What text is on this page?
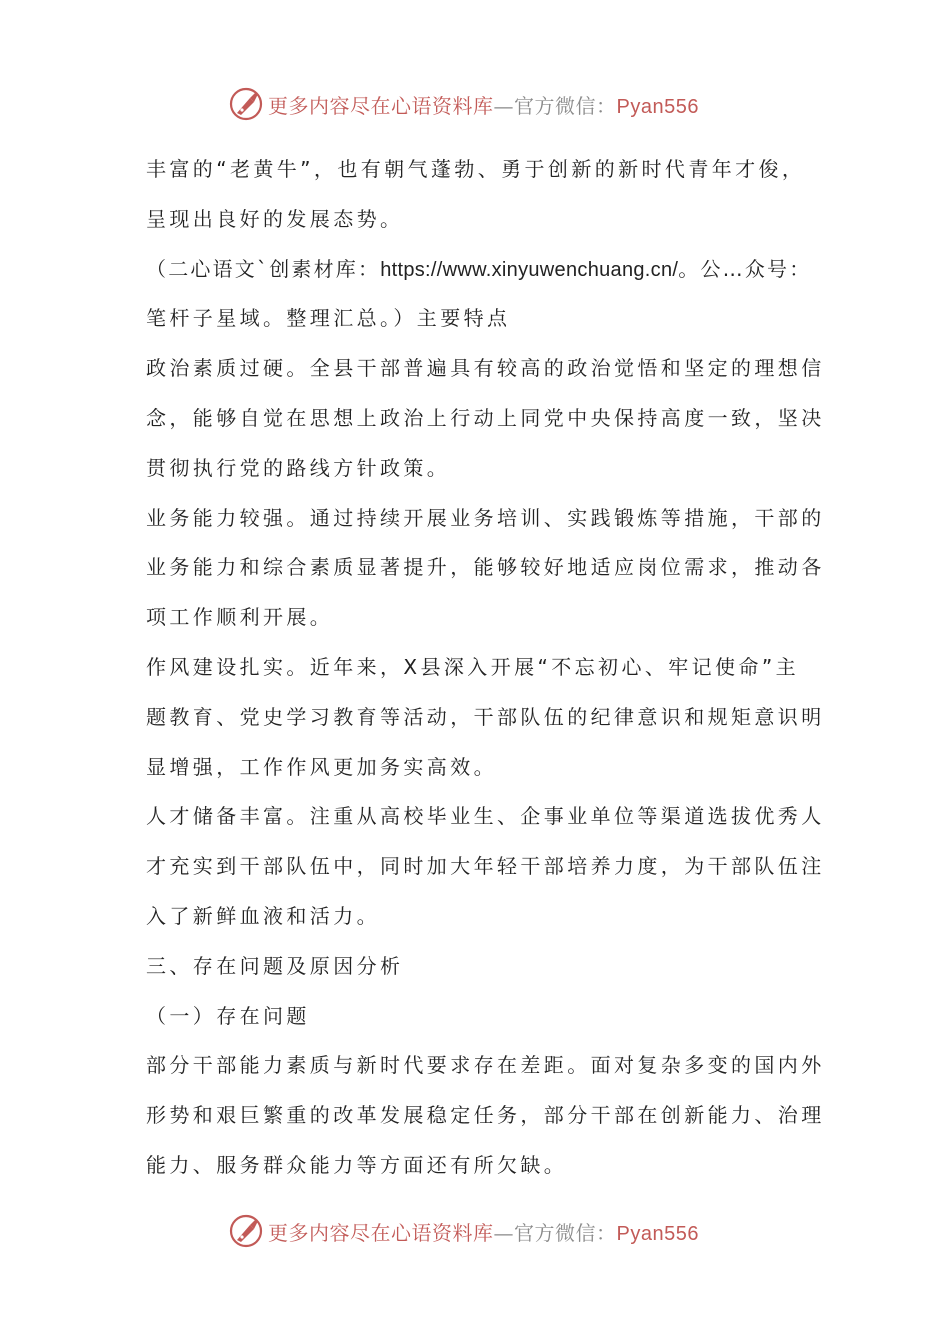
更多内容尽在心语资料库—官方微信：Pyan556
丰富的“老黄牛”，也有朝气蓬勃、勇于创新的新时代青年才俊，
呈现出良好的发展态势。
（二心语文`创素材库：https://www.xinyuwenchuang.cn/。公…众号：
笔杆子星域。整理汇总。）主要特点
政治素质过硬。全县干部普遍具有较高的政治觉悟和坚定的理想信
念，能够自觉在思想上政治上行动上同党中央保持高度一致，坚决
贯彻执行党的路线方针政策。
业务能力较强。通过持续开展业务培训、实践锻炼等措施，干部的
业务能力和综合素质显著提升，能够较好地适应岗位需求，推动各
项工作顺利开展。
作风建设扎实。近年来，X县深入开展“不忘初心、牢记使命”主
题教育、党史学习教育等活动，干部队伍的纪律意识和规矩意识明
显增强，工作作风更加务实高效。
人才储备丰富。注重从高校毕业生、企事业单位等渠道选拔优秀人
才充实到干部队伍中，同时加大年轻干部培养力度，为干部队伍注
入了新鲜血液和活力。
三、存在问题及原因分析
（一）存在问题
部分干部能力素质与新时代要求存在差距。面对复杂多变的国内外
形势和艰巨繁重的改革发展稳定任务，部分干部在创新能力、治理
能力、服务群众能力等方面还有所欠缺。
更多内容尽在心语资料库—官方微信：Pyan556
